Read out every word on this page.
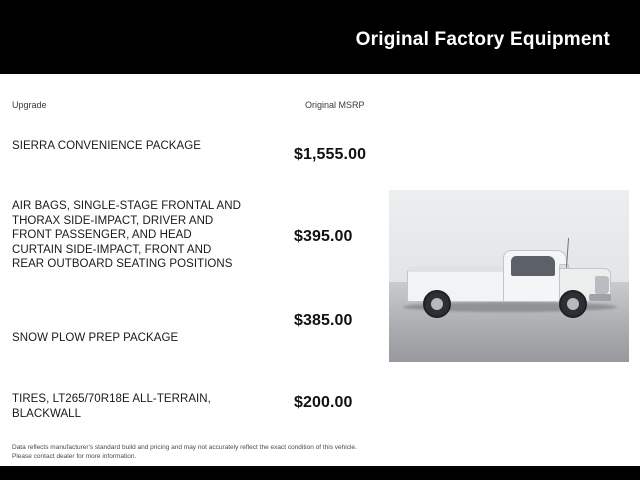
Original Factory Equipment
Upgrade	Original MSRP
SIERRA CONVENIENCE PACKAGE	$1,555.00
AIR BAGS, SINGLE-STAGE FRONTAL AND THORAX SIDE-IMPACT, DRIVER AND FRONT PASSENGER, AND HEAD CURTAIN SIDE-IMPACT, FRONT AND REAR OUTBOARD SEATING POSITIONS
$395.00
SNOW PLOW PREP PACKAGE
$385.00
TIRES, LT265/70R18E ALL-TERRAIN, BLACKWALL
$200.00
Data reflects manufacturer's standard build and pricing and may not accurately reflect the exact condition of this vehicle.
Please contact dealer for more information.
